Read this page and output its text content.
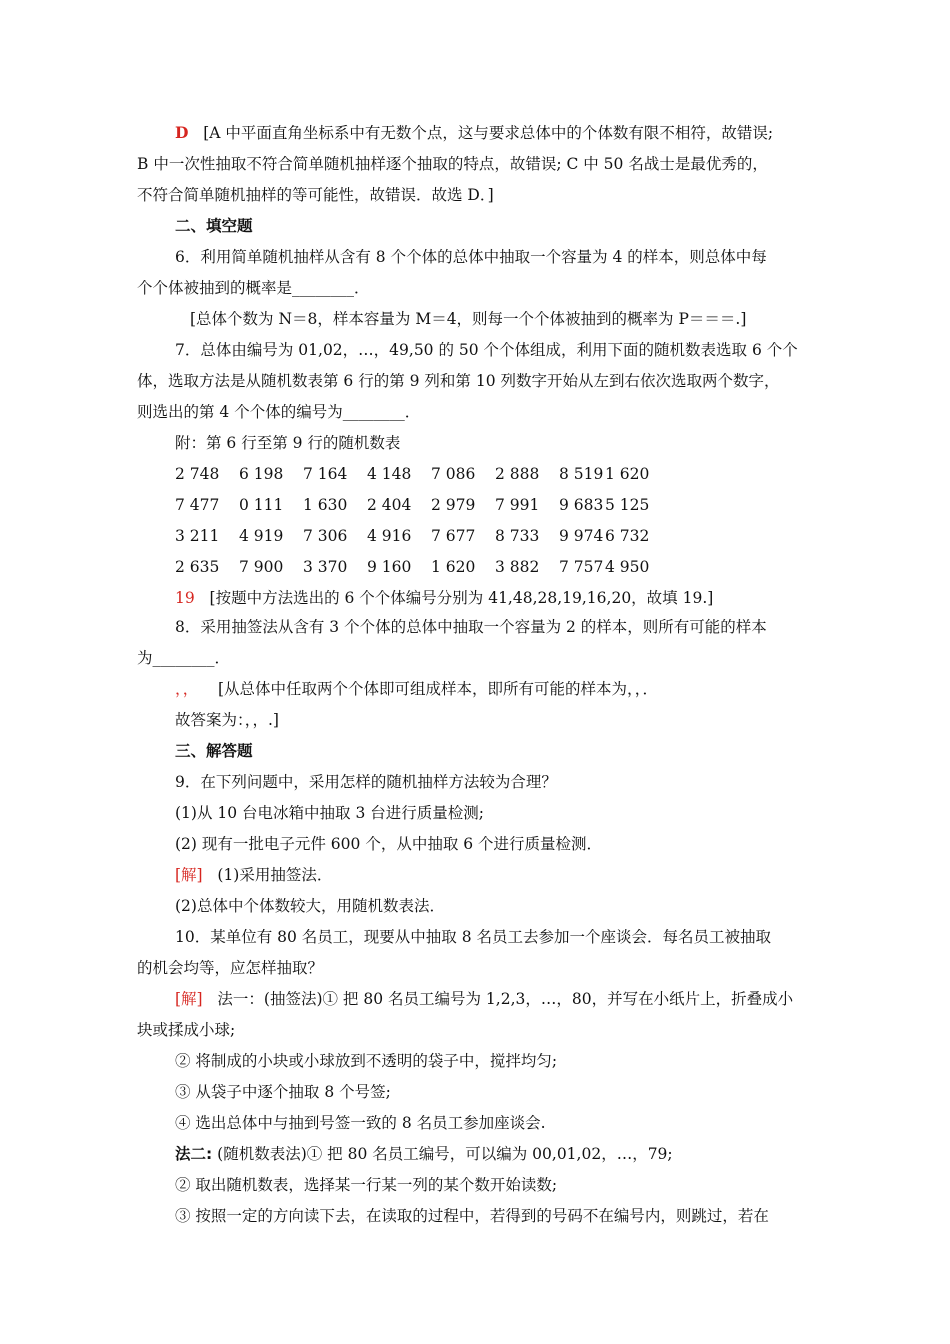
D [A 中平面直角坐标系中有无数个点，这与要求总体中的个体数有限不相符，故错误;
B 中一次性抽取不符合简单随机抽样逐个抽取的特点，故错误; C 中 50 名战士是最优秀的，
不符合简单随机抽样的等可能性，故错误．故选 D．]
二、填空题
6．利用简单随机抽样从含有 8 个个体的总体中抽取一个容量为 4 的样本，则总体中每
个个体被抽到的概率是________．
[总体个数为 N＝8，样本容量为 M＝4，则每一个个体被抽到的概率为 P＝＝＝.]
7．总体由编号为 01,02，…，49,50 的 50 个个体组成，利用下面的随机数表选取 6 个个
体，选取方法是从随机数表第 6 行的第 9 列和第 10 列数字开始从左到右依次选取两个数字，
则选出的第 4 个个体的编号为________．
附：第 6 行至第 9 行的随机数表
2 748 6 198 7 164 4 148 7 086 2 888 8 519 1 620
7 477 0 111 1 630 2 404 2 979 7 991 9 683 5 125
3 211 4 919 7 306 4 916 7 677 8 733 9 974 6 732
2 635 7 900 3 370 9 160 1 620 3 882 7 757 4 950
19 [按题中方法选出的 6 个个体编号分别为 41,48,28,19,16,20，故填 19.]
8．采用抽签法从含有 3 个个体的总体中抽取一个容量为 2 的样本，则所有可能的样本
为________．
，， [从总体中任取两个个体即可组成样本，即所有可能的样本为，，．
故答案为：，，.]
三、解答题
9．在下列问题中，采用怎样的随机抽样方法较为合理？
(1)从 10 台电冰箱中抽取 3 台进行质量检测;
(2) 现有一批电子元件 600 个，从中抽取 6 个进行质量检测．
[解] (1)采用抽签法．
(2)总体中个体数较大，用随机数表法．
10．某单位有 80 名员工，现要从中抽取 8 名员工去参加一个座谈会．每名员工被抽取
的机会均等，应怎样抽取？
[解] 法一：(抽签法)① 把 80 名员工编号为 1,2,3，…，80，并写在小纸片上，折叠成小
块或揉成小球;
② 将制成的小块或小球放到不透明的袋子中，搅拌均匀;
③ 从袋子中逐个抽取 8 个号签;
④ 选出总体中与抽到号签一致的 8 名员工参加座谈会.
法二: (随机数表法)① 把 80 名员工编号，可以编为 00,01,02，…，79;
② 取出随机数表，选择某一行某一列的某个数开始读数;
③ 按照一定的方向读下去，在读取的过程中，若得到的号码不在编号内，则跳过，若在
